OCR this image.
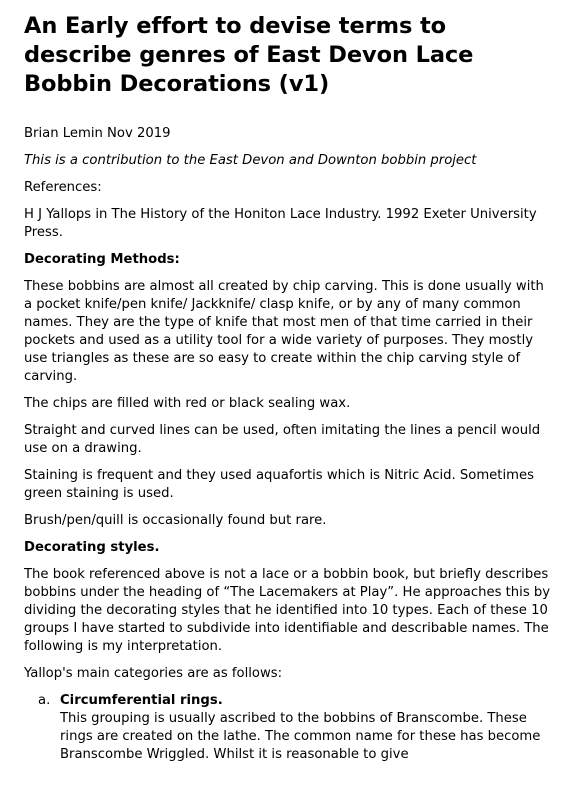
An Early effort to devise terms to describe genres of East Devon Lace Bobbin Decorations (v1)

Brian Lemin Nov 2019

This is a contribution to the East Devon and Downton bobbin project

References:

H J Yallops in The History of the Honiton Lace Industry. 1992 Exeter University Press.

Decorating Methods:

These bobbins are almost all created by chip carving. This is done usually with a pocket knife/pen knife/ Jackknife/ clasp knife, or by any of many common names. They are the type of knife that most men of that time carried in their pockets and used as a utility tool for a wide variety of purposes. They mostly use triangles as these are so easy to create within the chip carving style of carving.

The chips are filled with red or black sealing wax.

Straight and curved lines can be used, often imitating the lines a pencil would use on a drawing.

Staining is frequent and they used aquafortis which is Nitric Acid. Sometimes green staining is used.

Brush/pen/quill is occasionally found but rare.

Decorating styles.

The book referenced above is not a lace or a bobbin book, but briefly describes bobbins under the heading of “The Lacemakers at Play”. He approaches this by dividing the decorating styles that he identified into 10 types. Each of these 10 groups I have started to subdivide into identifiable and describable names. The following is my interpretation.

Yallop's main categories are as follows:

a. Circumferential rings.
This grouping is usually ascribed to the bobbins of Branscombe. These rings are created on the lathe. The common name for these has become Branscombe Wriggled. Whilst it is reasonable to give
